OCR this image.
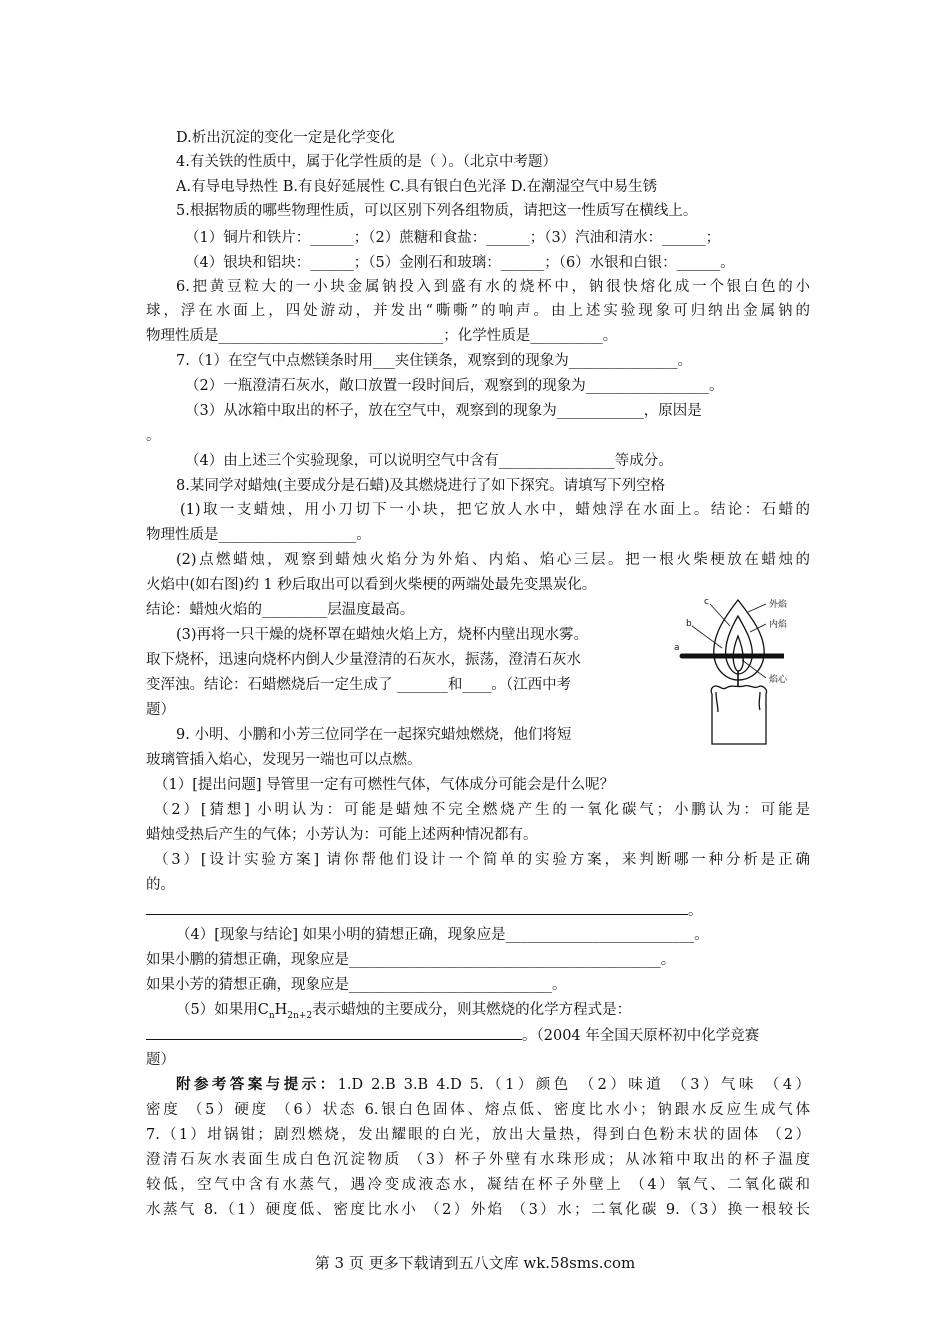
D.析出沉淀的变化一定是化学变化
4.有关铁的性质中，属于化学性质的是（ ）。（北京中考题）
A.有导电导热性 B.有良好延展性 C.具有银白色光泽 D.在潮湿空气中易生锈
5.根据物质的哪些物理性质，可以区别下列各组物质，请把这一性质写在横线上。
（1）铜片和铁片：______；（2）蔗糖和食盐：______；（3）汽油和清水：______；
（4）银块和铝块：______；（5）金刚石和玻璃：______；（6）水银和白银：______。
6.把黄豆粒大的一小块金属钠投入到盛有水的烧杯中，钠很快熔化成一个银白色的小
球，浮在水面上，四处游动，并发出“嘶嘶”的响声。由上述实验现象可归纳出金属钠的
物理性质是_______________________________；化学性质是__________。
7.（1）在空气中点燃镁条时用___夹住镁条，观察到的现象为_______________。
（2）一瓶澄清石灰水，敞口放置一段时间后，观察到的现象为_________________。
（3）从冰箱中取出的杯子，放在空气中，观察到的现象为____________，原因是
。
（4）由上述三个实验现象，可以说明空气中含有________________等成分。
8.某同学对蜡烛(主要成分是石蜡)及其燃烧进行了如下探究。请填写下列空格
(1)取一支蜡烛，用小刀切下一小块，把它放人水中，蜡烛浮在水面上。结论：石蜡的
物理性质是___________________。
(2)点燃蜡烛，观察到蜡烛火焰分为外焰、内焰、焰心三层。把一根火柴梗放在蜡烛的
火焰中(如右图)约 1 秒后取出可以看到火柴梗的两端处最先变黑炭化。
结论：蜡烛火焰的_________层温度最高。
(3)再将一只干燥的烧杯罩在蜡烛火焰上方，烧杯内壁出现水雾。
取下烧杯，迅速向烧杯内倒人少量澄清的石灰水，振荡，澄清石灰水
变浑浊。结论：石蜡燃烧后一定生成了 _______和____。（江西中考
题）
9. 小明、小鹏和小芳三位同学在一起探究蜡烛燃烧，他们将短
玻璃管插入焰心，发现另一端也可以点燃。
（1）[提出问题] 导管里一定有可燃性气体，气体成分可能会是什么呢？
（2）[猜想] 小明认为：可能是蜡烛不完全燃烧产生的一氧化碳气；小鹏认为：可能是
蜡烛受热后产生的气体；小芳认为：可能上述两种情况都有。
（3）[设计实验方案] 请你帮他们设计一个简单的实验方案，来判断哪一种分析是正确
的。
。
（4）[现象与结论] 如果小明的猜想正确，现象应是__________________________。
如果小鹏的猜想正确，现象应是___________________________________________。
如果小芳的猜想正确，现象应是____________________________。
（5）如果用$C_nH_{2n+2}$表示蜡烛的主要成分，则其燃烧的化学方程式是：
。（2004 年全国天原杯初中化学竞赛
题）
附参考答案与提示：1.D 2.B 3.B 4.D 5.（1）颜色 （2）味道 （3）气味 （4）
密度 （5）硬度 （6）状态 6.银白色固体、熔点低、密度比水小；钠跟水反应生成气体
7.（1）坩锅钳；剧烈燃烧，发出耀眼的白光，放出大量热，得到白色粉末状的固体 （2）
澄清石灰水表面生成白色沉淀物质 （3）杯子外壁有水珠形成；从冰箱中取出的杯子温度
较低，空气中含有水蒸气，遇冷变成液态水，凝结在杯子外壁上 （4）氧气、二氧化碳和
水蒸气 8.（1）硬度低、密度比水小 （2）外焰 （3）水；二氧化碳 9.（3）换一根较长
c
b
a
外焰
内焰
焰心
第 3 页 更多下载请到五八文库 wk.58sms.com
